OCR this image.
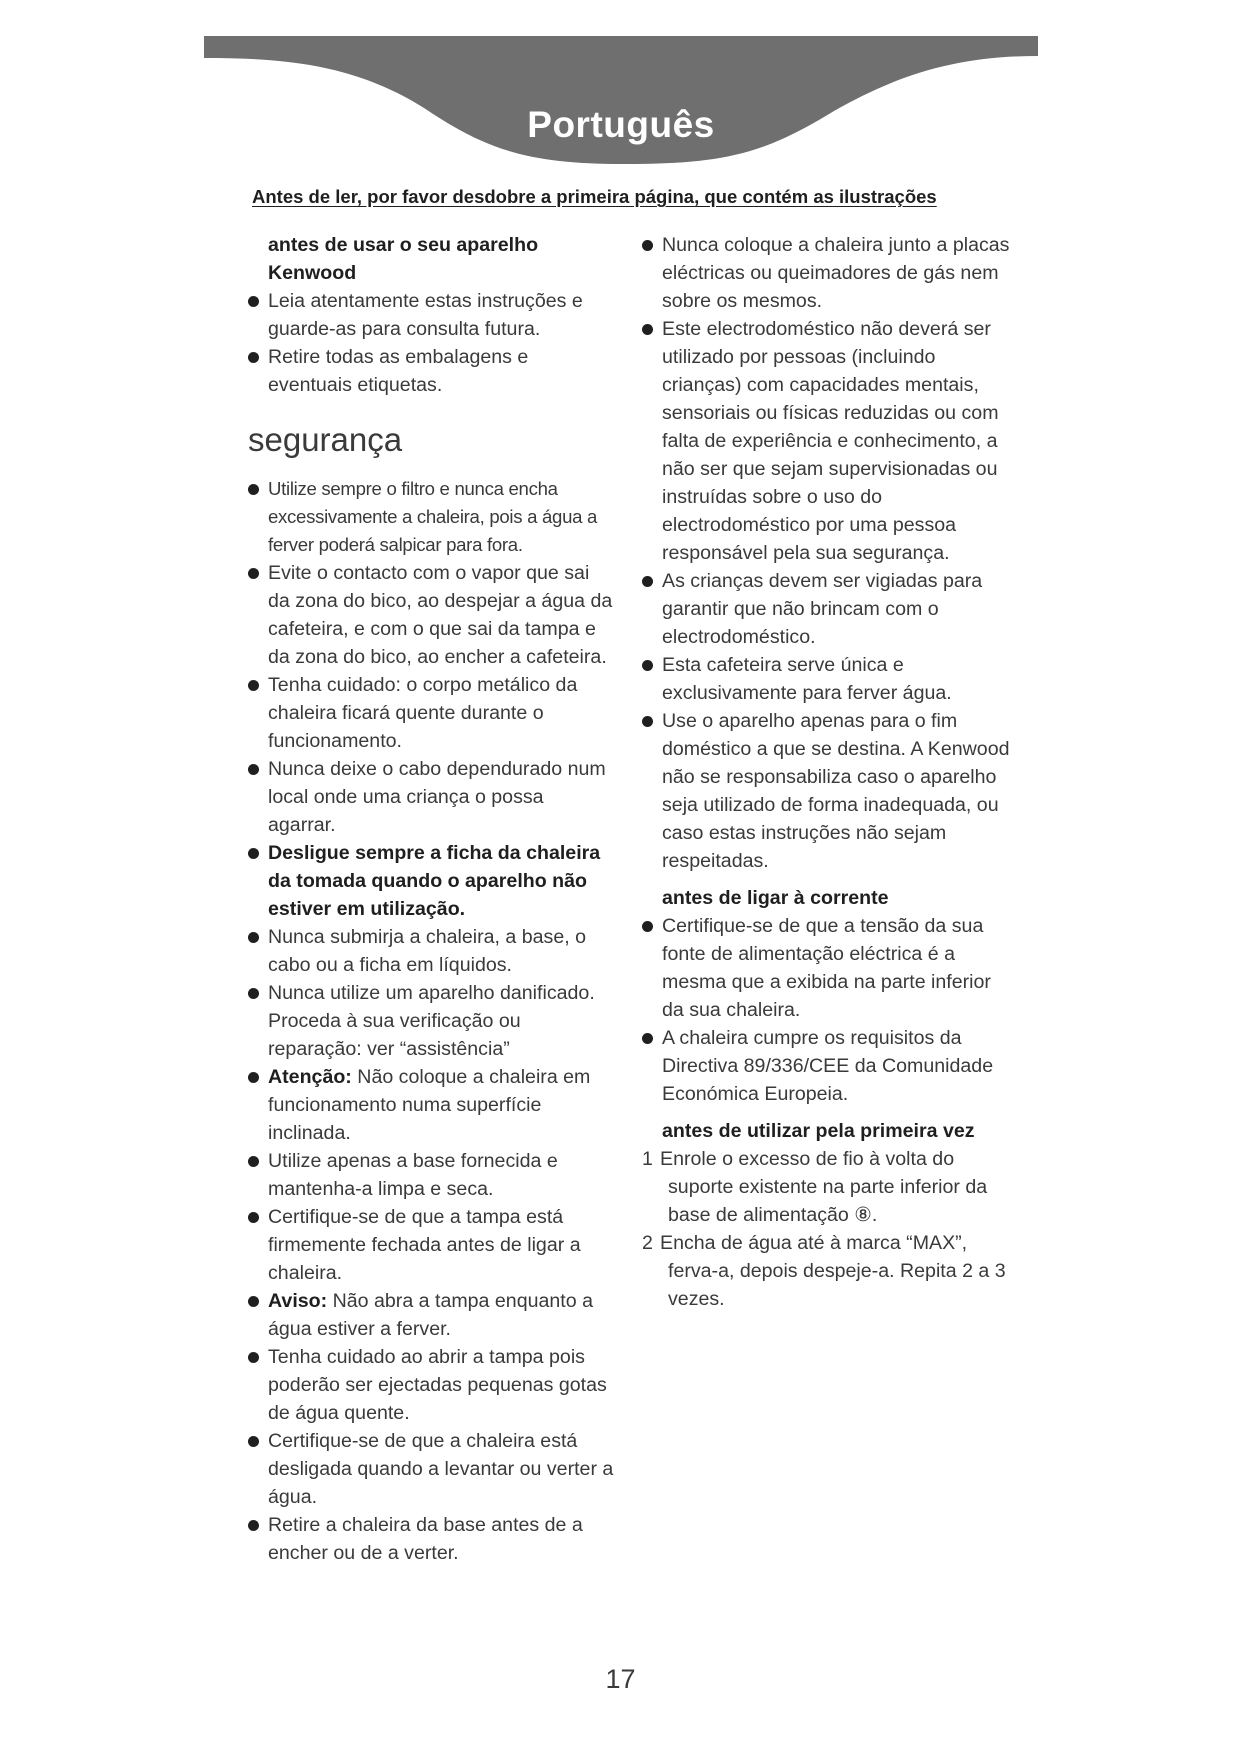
Português
Antes de ler, por favor desdobre a primeira página, que contém as ilustrações
antes de usar o seu aparelho Kenwood
Leia atentamente estas instruções e guarde-as para consulta futura.
Retire todas as embalagens e eventuais etiquetas.
segurança
Utilize sempre o filtro e nunca encha excessivamente a chaleira, pois a água a ferver poderá salpicar para fora.
Evite o contacto com o vapor que sai da zona do bico, ao despejar a água da cafeteira, e com o que sai da tampa e da zona do bico, ao encher a cafeteira.
Tenha cuidado: o corpo metálico da chaleira ficará quente durante o funcionamento.
Nunca deixe o cabo dependurado num local onde uma criança o possa agarrar.
Desligue sempre a ficha da chaleira da tomada quando o aparelho não estiver em utilização.
Nunca submirja a chaleira, a base, o cabo ou a ficha em líquidos.
Nunca utilize um aparelho danificado. Proceda à sua verificação ou reparação: ver “assistência”
Atenção: Não coloque a chaleira em funcionamento numa superfície inclinada.
Utilize apenas a base fornecida e mantenha-a limpa e seca.
Certifique-se de que a tampa está firmemente fechada antes de ligar a chaleira.
Aviso: Não abra a tampa enquanto a água estiver a ferver.
Tenha cuidado ao abrir a tampa pois poderão ser ejectadas pequenas gotas de água quente.
Certifique-se de que a chaleira está desligada quando a levantar ou verter a água.
Retire a chaleira da base antes de a encher ou de a verter.
Nunca coloque a chaleira junto a placas eléctricas ou queimadores de gás nem sobre os mesmos.
Este electrodoméstico não deverá ser utilizado por pessoas (incluindo crianças) com capacidades mentais, sensoriais ou físicas reduzidas ou com falta de experiência e conhecimento, a não ser que sejam supervisionadas ou instruídas sobre o uso do electrodoméstico por uma pessoa responsável pela sua segurança.
As crianças devem ser vigiadas para garantir que não brincam com o electrodoméstico.
Esta cafeteira serve única e exclusivamente para ferver água.
Use o aparelho apenas para o fim doméstico a que se destina. A Kenwood não se responsabiliza caso o aparelho seja utilizado de forma inadequada, ou caso estas instruções não sejam respeitadas.
antes de ligar à corrente
Certifique-se de que a tensão da sua fonte de alimentação eléctrica é a mesma que a exibida na parte inferior da sua chaleira.
A chaleira cumpre os requisitos da Directiva 89/336/CEE da Comunidade Económica Europeia.
antes de utilizar pela primeira vez
1 Enrole o excesso de fio à volta do suporte existente na parte inferior da base de alimentação ⑧.
2 Encha de água até à marca “MAX”, ferva-a, depois despeje-a. Repita 2 a 3 vezes.
17
